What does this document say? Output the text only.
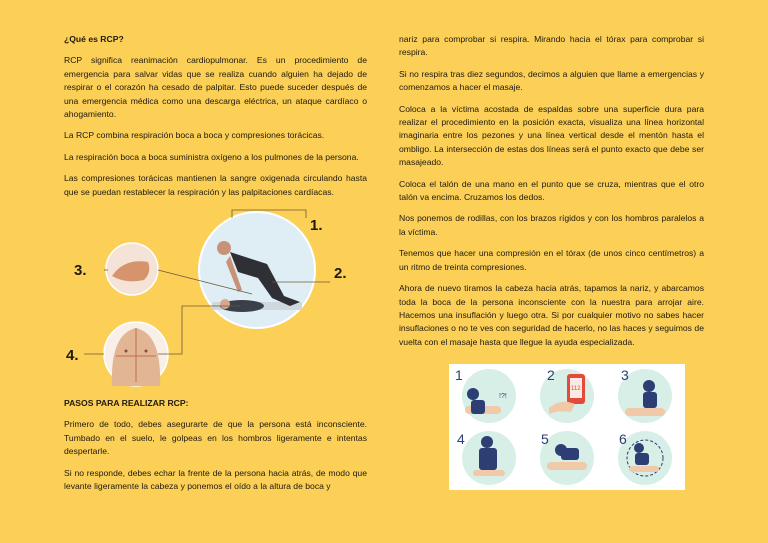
¿Qué es RCP?

RCP significa reanimación cardiopulmonar. Es un procedimiento de emergencia para salvar vidas que se realiza cuando alguien ha dejado de respirar o el corazón ha cesado de palpitar. Esto puede suceder después de una emergencia médica como una descarga eléctrica, un ataque cardíaco o ahogamiento.

La RCP combina respiración boca a boca y compresiones torácicas.

La respiración boca a boca suministra oxígeno a los pulmones de la persona.

Las compresiones torácicas mantienen la sangre oxigenada circulando hasta que se puedan restablecer la respiración y las palpitaciones cardíacas.

1.
2.
3.
4.

PASOS PARA REALIZAR RCP:

Primero de todo, debes asegurarte de que la persona está inconsciente. Tumbado en el suelo, le golpeas en los hombros ligeramente e intentas despertarle.

Si no responde, debes echar la frente de la persona hacia atrás, de modo que levante ligeramente la cabeza y ponemos el oído a la altura de boca y

nariz para comprobar si respira. Mirando hacia el tórax para comprobar si respira.

Si no respira tras diez segundos, decimos a alguien que llame a emergencias y comenzamos a hacer el masaje.

Coloca a la víctima acostada de espaldas sobre una superficie dura para realizar el procedimiento en la posición exacta, visualiza una línea horizontal imaginaria entre los pezones y una línea vertical desde el mentón hasta el ombligo. La intersección de estas dos líneas será el punto exacto que debe ser masajeado.

Coloca el talón de una mano en el punto que se cruza, mientras que el otro talón va encima. Cruzamos los dedos.

Nos ponemos de rodillas, con los brazos rígidos y con los hombros paralelos a la víctima.

Tenemos que hacer una compresión en el tórax (de unos cinco centímetros) a un ritmo de treinta compresiones.

Ahora de nuevo tiramos la cabeza hacia atrás, tapamos la nariz, y abarcamos toda la boca de la persona inconsciente con la nuestra para arrojar aire. Hacemos una insuflación y luego otra. Si por cualquier motivo no sabes hacer insuflaciones o no te ves con seguridad de hacerlo, no las haces y seguimos de vuelta con el masaje hasta que llegue la ayuda especializada.

!?!
1
112
2	3
4	5	6
